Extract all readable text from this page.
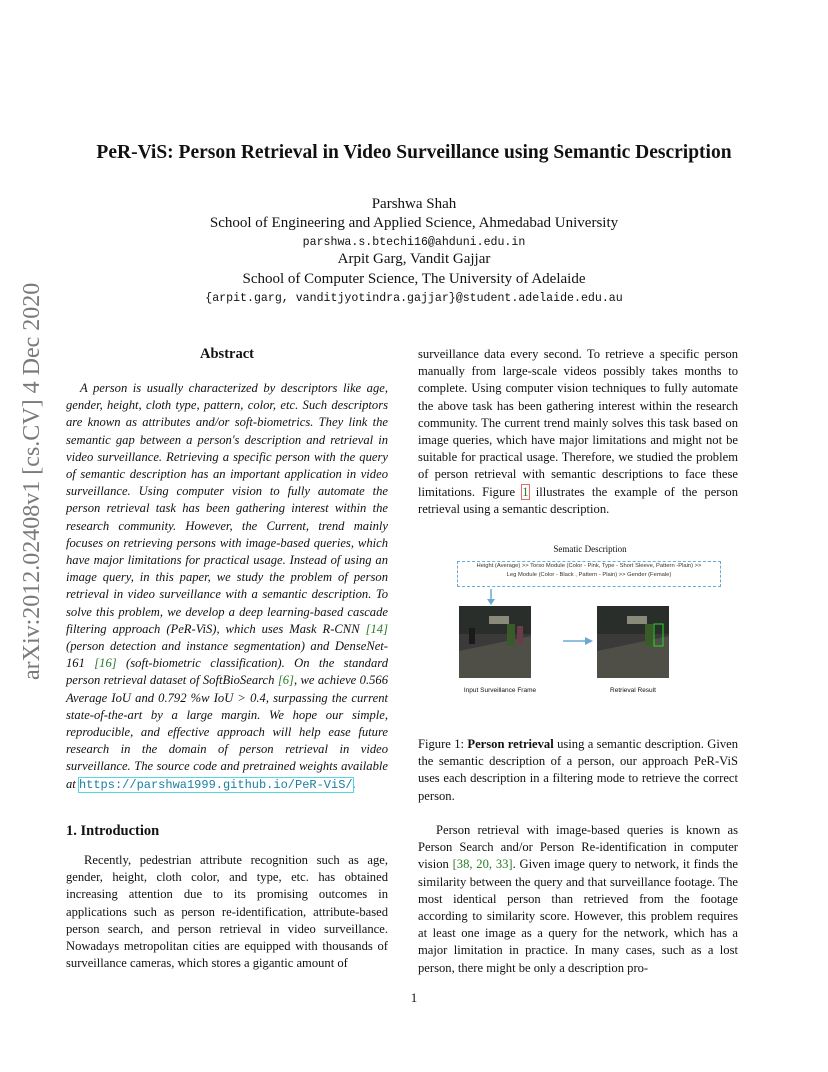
arXiv:2012.02408v1 [cs.CV] 4 Dec 2020
PeR-ViS: Person Retrieval in Video Surveillance using Semantic Description
Parshwa Shah
School of Engineering and Applied Science, Ahmedabad University
parshwa.s.btechi16@ahduni.edu.in
Arpit Garg, Vandit Gajjar
School of Computer Science, The University of Adelaide
{arpit.garg, vanditjyotindra.gajjar}@student.adelaide.edu.au
Abstract
A person is usually characterized by descriptors like age, gender, height, cloth type, pattern, color, etc. Such descriptors are known as attributes and/or soft-biometrics. They link the semantic gap between a person's description and retrieval in video surveillance. Retrieving a specific person with the query of semantic description has an important application in video surveillance. Using computer vision to fully automate the person retrieval task has been gathering interest within the research community. However, the Current, trend mainly focuses on retrieving persons with image-based queries, which have major limitations for practical usage. Instead of using an image query, in this paper, we study the problem of person retrieval in video surveillance with a semantic description. To solve this problem, we develop a deep learning-based cascade filtering approach (PeR-ViS), which uses Mask R-CNN [14] (person detection and instance segmentation) and DenseNet-161 [16] (soft-biometric classification). On the standard person retrieval dataset of SoftBioSearch [6], we achieve 0.566 Average IoU and 0.792 %w IoU > 0.4, surpassing the current state-of-the-art by a large margin. We hope our simple, reproducible, and effective approach will help ease future research in the domain of person retrieval in video surveillance. The source code and pretrained weights available at https://parshwa1999.github.io/PeR-ViS/.
1. Introduction
Recently, pedestrian attribute recognition such as age, gender, height, cloth color, and type, etc. has obtained increasing attention due to its promising outcomes in applications such as person re-identification, attribute-based person search, and person retrieval in video surveillance. Nowadays metropolitan cities are equipped with thousands of surveillance cameras, which stores a gigantic amount of
surveillance data every second. To retrieve a specific person manually from large-scale videos possibly takes months to complete. Using computer vision techniques to fully automate the above task has been gathering interest within the research community. The current trend mainly solves this task based on image queries, which have major limitations and might not be suitable for practical usage. Therefore, we studied the problem of person retrieval with semantic descriptions to face these limitations. Figure 1 illustrates the example of the person retrieval using a semantic description.
Sematic Description
Height (Average) >> Torso Module (Color - Pink, Type - Short Sleeve, Pattern -Plain) >>
Leg Module (Color - Black , Pattern - Plain) >> Gender (Female)
Input Surveillance Frame	Retrieval Result
Figure 1: Person retrieval using a semantic description. Given the semantic description of a person, our approach PeR-ViS uses each description in a filtering mode to retrieve the correct person.
Person retrieval with image-based queries is known as Person Search and/or Person Re-identification in computer vision [38, 20, 33]. Given image query to network, it finds the similarity between the query and that surveillance footage. The most identical person than retrieved from the footage according to similarity score. However, this problem requires at least one image as a query for the network, which has a major limitation in practice. In many cases, such as a lost person, there might be only a description pro-
1
